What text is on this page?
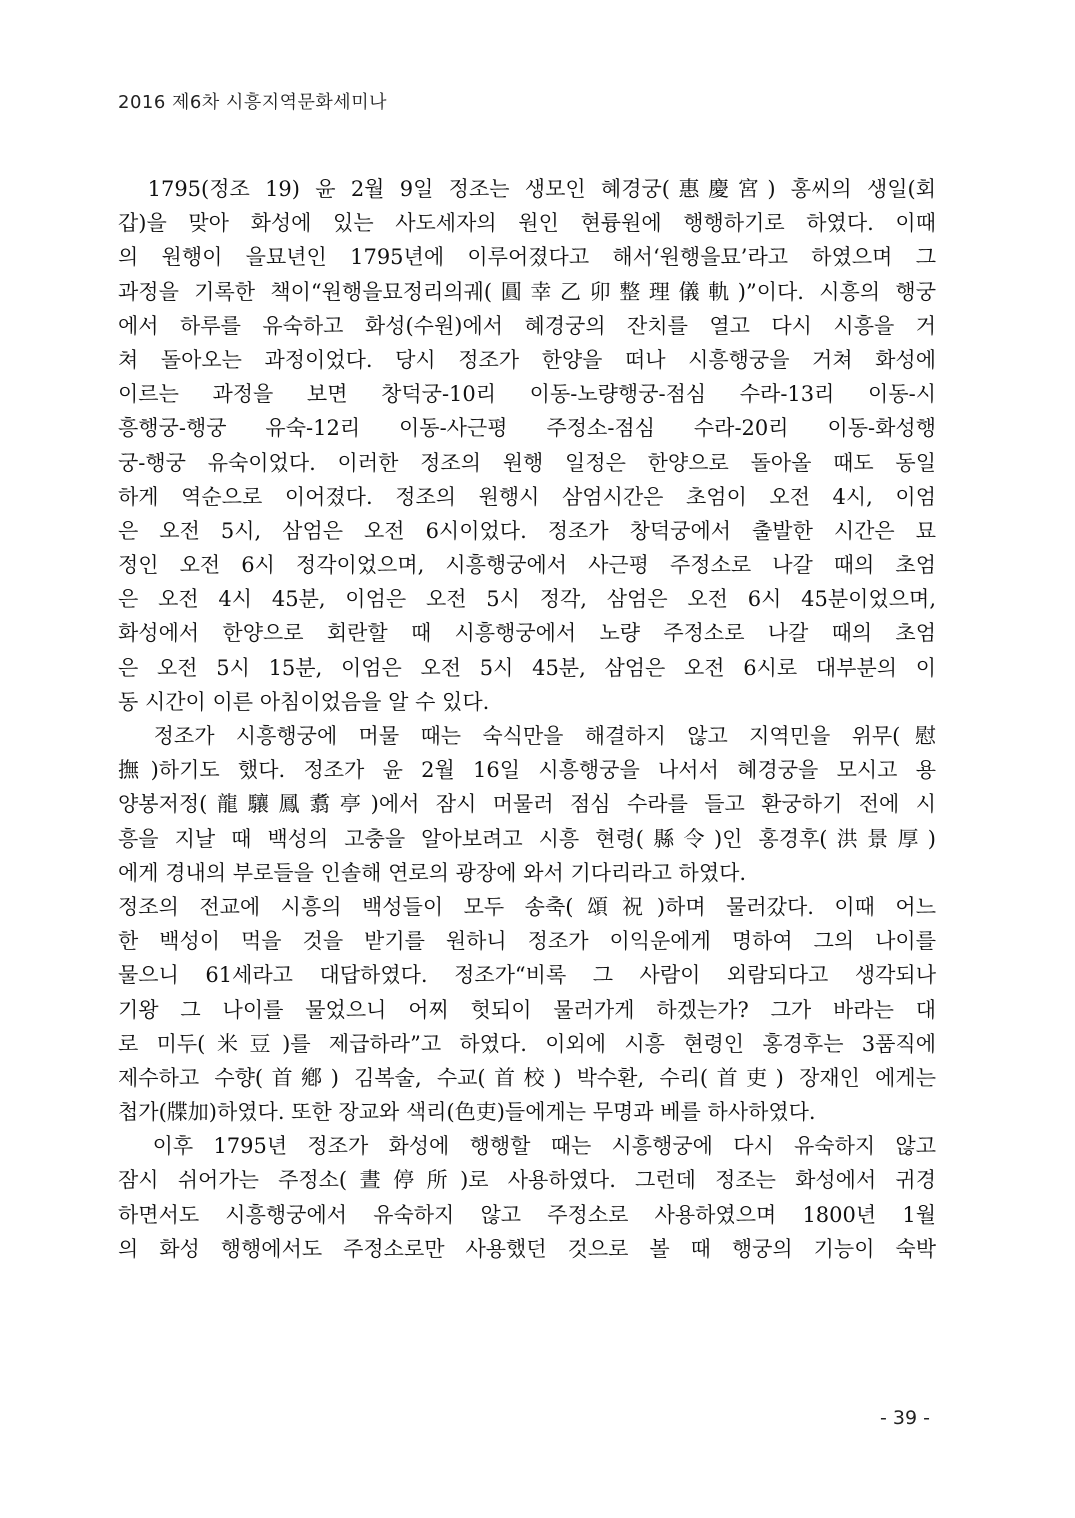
2016 제6차 시흥지역문화세미나
　1795(정조 19) 윤 2월 9일 정조는 생모인 혜경궁(惠慶宮) 홍씨의 생일(회
갑)을 맞아 화성에 있는 사도세자의 원인 현륭원에 행행하기로 하였다. 이때
의 원행이 을묘년인 1795년에 이루어졌다고 해서‘원행을묘’라고 하였으며 그
과정을 기록한 책이“원행을묘정리의궤(圓幸乙卯整理儀軌)”이다. 시흥의 행궁
에서 하루를 유숙하고 화성(수원)에서 혜경궁의 잔치를 열고 다시 시흥을 거
쳐 돌아오는 과정이었다. 당시 정조가 한양을 떠나 시흥행궁을 거쳐 화성에
이르는 과정을 보면 창덕궁-10리 이동-노량행궁-점심 수라-13리 이동-시
흥행궁-행궁 유숙-12리 이동-사근평 주정소-점심 수라-20리 이동-화성행
궁-행궁 유숙이었다. 이러한 정조의 원행 일정은 한양으로 돌아올 때도 동일
하게 역순으로 이어졌다. 정조의 원행시 삼엄시간은 초엄이 오전 4시, 이엄
은 오전 5시, 삼엄은 오전 6시이었다. 정조가 창덕궁에서 출발한 시간은 묘
정인 오전 6시 정각이었으며, 시흥행궁에서 사근평 주정소로 나갈 때의 초엄
은 오전 4시 45분, 이엄은 오전 5시 정각, 삼엄은 오전 6시 45분이었으며,
화성에서 한양으로 회란할 때 시흥행궁에서 노량 주정소로 나갈 때의 초엄
은 오전 5시 15분, 이엄은 오전 5시 45분, 삼엄은 오전 6시로 대부분의 이
동 시간이 이른 아침이었음을 알 수 있다.
　정조가 시흥행궁에 머물 때는 숙식만을 해결하지 않고 지역민을 위무(慰
撫)하기도 했다. 정조가 윤 2월 16일 시흥행궁을 나서서 혜경궁을 모시고 용
양봉저정(龍驤鳳翥亭)에서 잠시 머물러 점심 수라를 들고 환궁하기 전에 시
흥을 지날 때 백성의 고충을 알아보려고 시흥 현령(縣令)인 홍경후(洪景厚)
에게 경내의 부로들을 인솔해 연로의 광장에 와서 기다리라고 하였다.
정조의 전교에 시흥의 백성들이 모두 송축(頌祝)하며 물러갔다. 이때 어느
한 백성이 먹을 것을 받기를 원하니 정조가 이익운에게 명하여 그의 나이를
물으니 61세라고 대답하였다. 정조가“비록 그 사람이 외람되다고 생각되나
기왕 그 나이를 물었으니 어찌 헛되이 물러가게 하겠는가? 그가 바라는 대
로 미두(米豆)를 제급하라”고 하였다. 이외에 시흥 현령인 홍경후는 3품직에
제수하고 수향(首鄕) 김복술, 수교(首校) 박수환, 수리(首吏) 장재인 에게는
첩가(牒加)하였다. 또한 장교와 색리(色吏)들에게는 무명과 베를 하사하였다.
　이후 1795년 정조가 화성에 행행할 때는 시흥행궁에 다시 유숙하지 않고
잠시 쉬어가는 주정소(晝停所)로 사용하였다. 그런데 정조는 화성에서 귀경
하면서도 시흥행궁에서 유숙하지 않고 주정소로 사용하였으며 1800년 1월
의 화성 행행에서도 주정소로만 사용했던 것으로 볼 때 행궁의 기능이 숙박
- 39 -
